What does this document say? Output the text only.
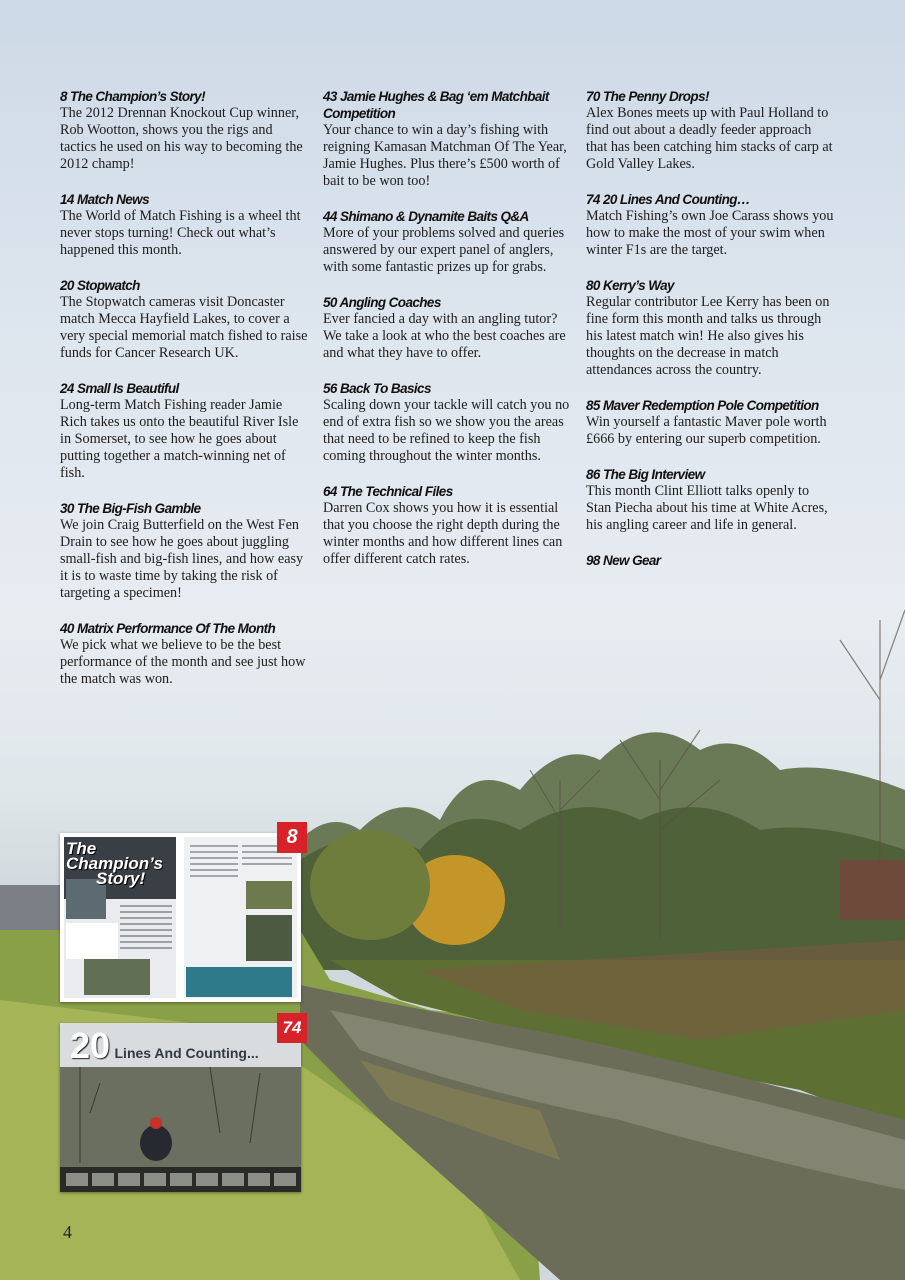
8 The Champion’s Story!

The 2012 Drennan Knockout Cup winner, Rob Wootton, shows you the rigs and tactics he used on his way to becoming the 2012 champ!

14 Match News

The World of Match Fishing is a wheel tht never stops turning! Check out what’s happened this month.

20 Stopwatch

The Stopwatch cameras visit Doncaster match Mecca Hayfield Lakes, to cover a very special memorial match fished to raise funds for Cancer Research UK.

24 Small Is Beautiful

Long-term Match Fishing reader Jamie Rich takes us onto the beautiful River Isle in Somerset, to see how he goes about putting together a match-winning net of fish.

30 The Big-Fish Gamble

We join Craig Butterfield on the West Fen Drain to see how he goes about juggling small-fish and big-fish lines, and how easy it is to waste time by taking the risk of targeting a specimen!

40 Matrix Performance Of The Month

We pick what we believe to be the best performance of the month and see just how the match was won.

43 Jamie Hughes & Bag ‘em Matchbait Competition

Your chance to win a day’s fishing with reigning Kamasan Matchman Of The Year, Jamie Hughes. Plus there’s £500 worth of bait to be won too!

44 Shimano & Dynamite Baits Q&A

More of your problems solved and queries answered by our expert panel of anglers, with some fantastic prizes up for grabs.

50 Angling Coaches

Ever fancied a day with an angling tutor? We take a look at who the best coaches are and what they have to offer.

56 Back To Basics

Scaling down your tackle will catch you no end of extra fish so we show you the areas that need to be refined to keep the fish coming throughout the winter months.

64 The Technical Files

Darren Cox shows you how it is essential that you choose the right depth during the winter months and how different lines can offer different catch rates.

70 The Penny Drops!

Alex Bones meets up with Paul Holland to find out about a deadly feeder approach that has been catching him stacks of carp at Gold Valley Lakes.

74 20 Lines And Counting…

Match Fishing’s own Joe Carass shows you how to make the most of your swim when winter F1s are the target.

80 Kerry’s Way

Regular contributor Lee Kerry has been on fine form this month and talks us through his latest match win! He also gives his thoughts on the decrease in match attendances across the country.

85 Maver Redemption Pole Competition

Win yourself a fantastic Maver pole worth £666 by entering our superb competition.

86 The Big Interview

This month Clint Elliott talks openly to Stan Piecha about his time at White Acres, his angling career and life in general.

98 New Gear
The
Champion’s
Story!
8
20 Lines And Counting...
74
4
